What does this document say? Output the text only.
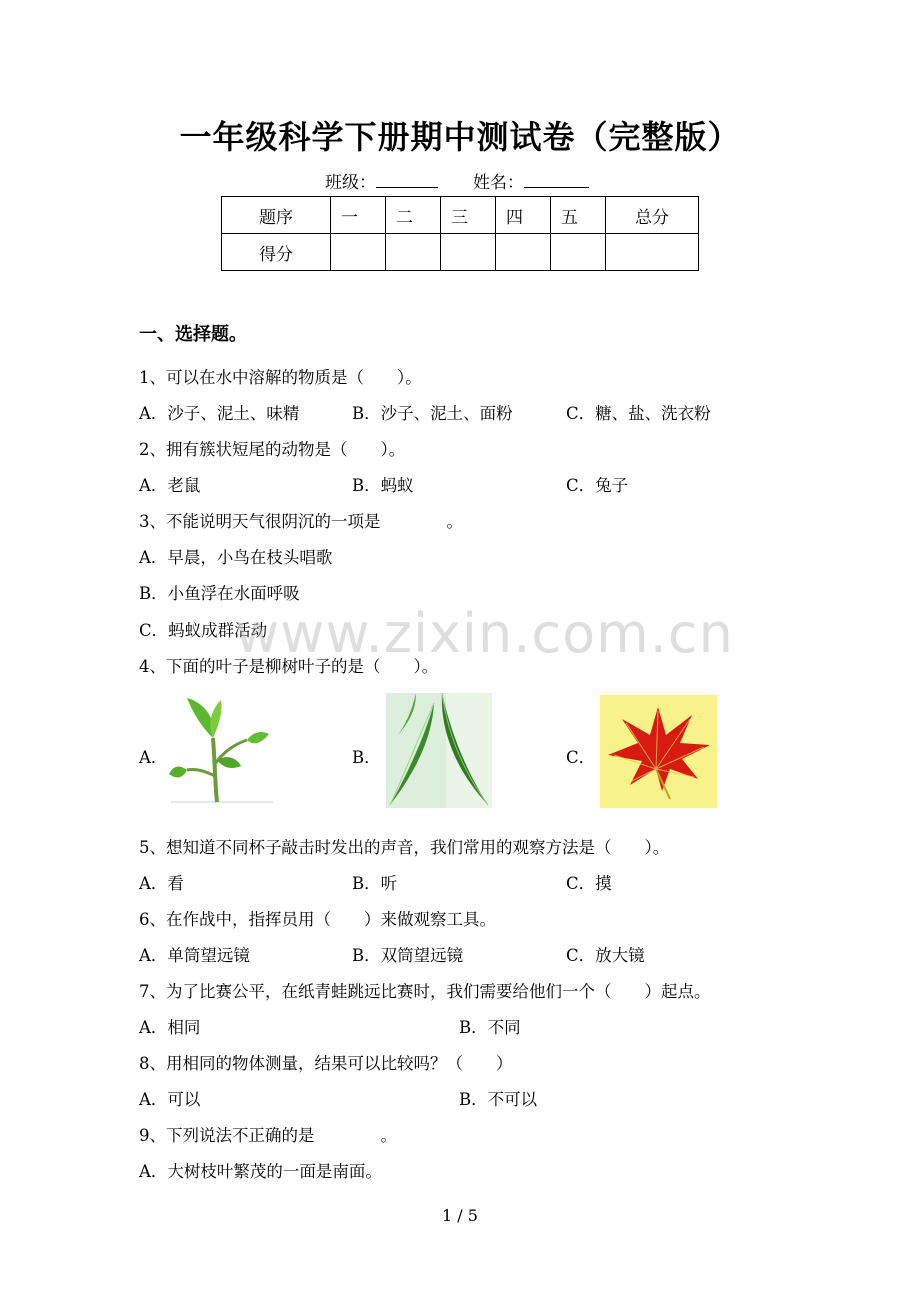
一年级科学下册期中测试卷（完整版）
班级：	姓名：
题序	一	二	三	四	五	总分
得分						
一、选择题。
1、可以在水中溶解的物质是（　　）。
A．沙子、泥土、味精	B．沙子、泥土、面粉	C．糖、盐、洗衣粉
2、拥有簇状短尾的动物是（　　）。
A．老鼠	B．蚂蚁	C．兔子
3、不能说明天气很阴沉的一项是　　　　。
A．早晨，小鸟在枝头唱歌
B．小鱼浮在水面呼吸
C．蚂蚁成群活动
www.zixin.com.cn
4、下面的叶子是柳树叶子的是（　　）。
A．	B．	C．
5、想知道不同杯子敲击时发出的声音，我们常用的观察方法是（　　）。
A．看	B．听	C．摸
6、在作战中，指挥员用（　　）来做观察工具。
A．单筒望远镜	B．双筒望远镜	C．放大镜
7、为了比赛公平，在纸青蛙跳远比赛时，我们需要给他们一个（　　）起点。
A．相同	B．不同
8、用相同的物体测量，结果可以比较吗？（　　）
A．可以	B．不可以
9、下列说法不正确的是　　　　。
A．大树枝叶繁茂的一面是南面。
1 / 5
